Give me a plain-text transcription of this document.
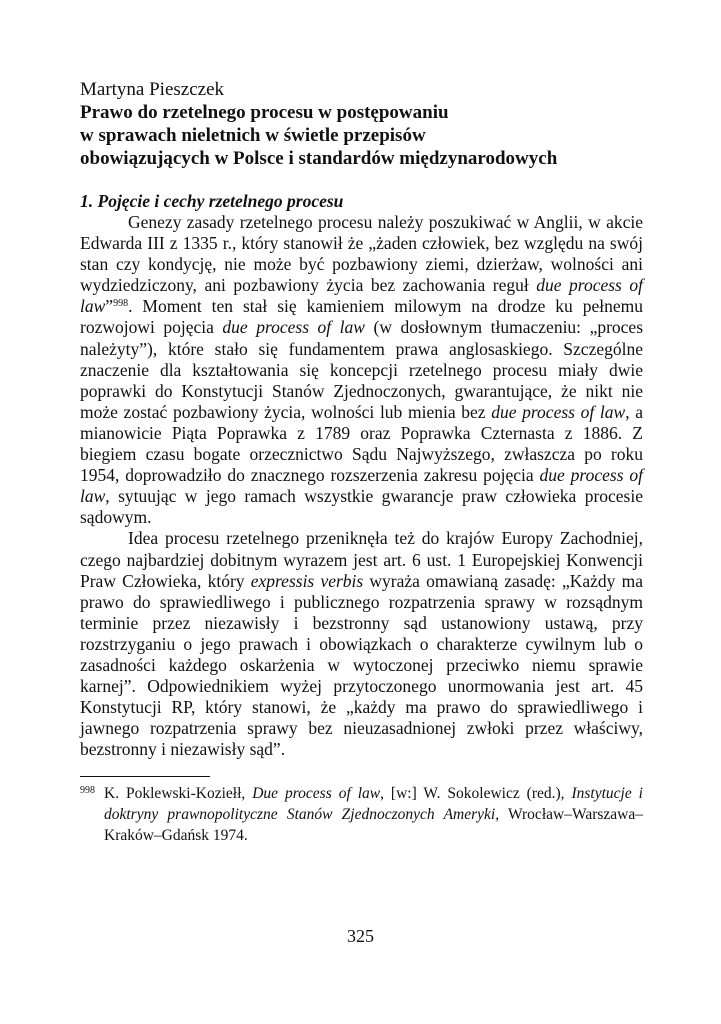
Martyna Pieszczek

Prawo do rzetelnego procesu w postępowaniu
w sprawach nieletnich w świetle przepisów
obowiązujących w Polsce i standardów międzynarodowych
1. Pojęcie i cechy rzetelnego procesu

Genezy zasady rzetelnego procesu należy poszukiwać w Anglii, w akcie Edwarda III z 1335 r., który stanowił że „żaden człowiek, bez względu na swój stan czy kondycję, nie może być pozbawiony ziemi, dzierżaw, wolności ani wydziedziczony, ani pozbawiony życia bez zachowania reguł due process of law”$^{998}$. Moment ten stał się kamieniem milowym na drodze ku pełnemu rozwojowi pojęcia due process of law (w dosłownym tłumaczeniu: „proces należyty”), które stało się fundamentem prawa anglosaskiego. Szczególne znaczenie dla kształtowania się koncepcji rzetelnego procesu miały dwie poprawki do Konstytucji Stanów Zjednoczonych, gwarantujące, że nikt nie może zostać pozbawiony życia, wolności lub mienia bez due process of law, a mianowicie Piąta Poprawka z 1789 oraz Poprawka Czternasta z 1886. Z biegiem czasu bogate orzecznictwo Sądu Najwyższego, zwłaszcza po roku 1954, doprowadziło do znacznego rozszerzenia zakresu pojęcia due process of law, sytuując w jego ramach wszystkie gwarancje praw człowieka procesie sądowym.

Idea procesu rzetelnego przeniknęła też do krajów Europy Zachodniej, czego najbardziej dobitnym wyrazem jest art. 6 ust. 1 Europejskiej Konwencji Praw Człowieka, który expressis verbis wyraża omawianą zasadę: „Każdy ma prawo do sprawiedliwego i publicznego rozpatrzenia sprawy w rozsądnym terminie przez niezawisły i bezstronny sąd ustanowiony ustawą, przy rozstrzyganiu o jego prawach i obowiązkach o charakterze cywilnym lub o zasadności każdego oskarżenia w wytoczonej przeciwko niemu sprawie karnej”. Odpowiednikiem wyżej przytoczonego unormowania jest art. 45 Konstytucji RP, który stanowi, że „każdy ma prawo do sprawiedliwego i jawnego rozpatrzenia sprawy bez nieuzasadnionej zwłoki przez właściwy, bezstronny i niezawisły sąd”.

998 K. Poklewski-Koziełł, Due process of law, [w:] W. Sokolewicz (red.), Instytucje i doktryny prawnopolityczne Stanów Zjednoczonych Ameryki, Wrocław–Warszawa–Kraków–Gdańsk 1974.

325
